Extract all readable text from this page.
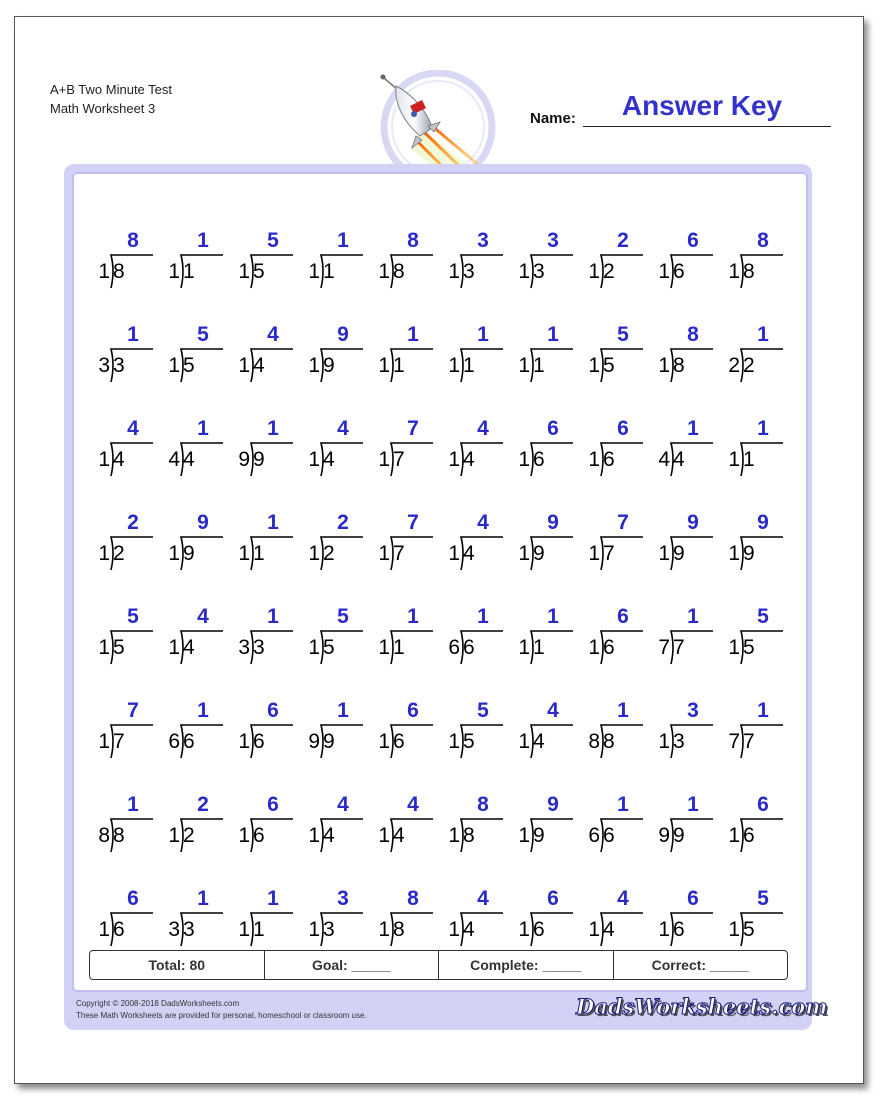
A+B Two Minute Test
Math Worksheet 3
Name:	Answer Key
8
1 8
1
1 1
5
1 5
1
1 1
8
1 8
3
1 3
3
1 3
2
1 2
6
1 6
8
1 8
1
3 3
5
1 5
4
1 4
9
1 9
1
1 1
1
1 1
1
1 1
5
1 5
8
1 8
1
2 2
4
1 4
1
4 4
1
9 9
4
1 4
7
1 7
4
1 4
6
1 6
6
1 6
1
4 4
1
1 1
2
1 2
9
1 9
1
1 1
2
1 2
7
1 7
4
1 4
9
1 9
7
1 7
9
1 9
9
1 9
5
1 5
4
1 4
1
3 3
5
1 5
1
1 1
1
6 6
1
1 1
6
1 6
1
7 7
5
1 5
7
1 7
1
6 6
6
1 6
1
9 9
6
1 6
5
1 5
4
1 4
1
8 8
3
1 3
1
7 7
1
8 8
2
1 2
6
1 6
4
1 4
4
1 4
8
1 8
9
1 9
1
6 6
1
9 9
6
1 6
6
1 6
1
3 3
1
1 1
3
1 3
8
1 8
4
1 4
6
1 6
4
1 4
6
1 6
5
1 5
Total: 80	Goal: _____	Complete: _____	Correct: _____
Copyright © 2008-2018 DadsWorksheets.com
These Math Worksheets are provided for personal, homeschool or classroom use.	DadsWorksheets.com
